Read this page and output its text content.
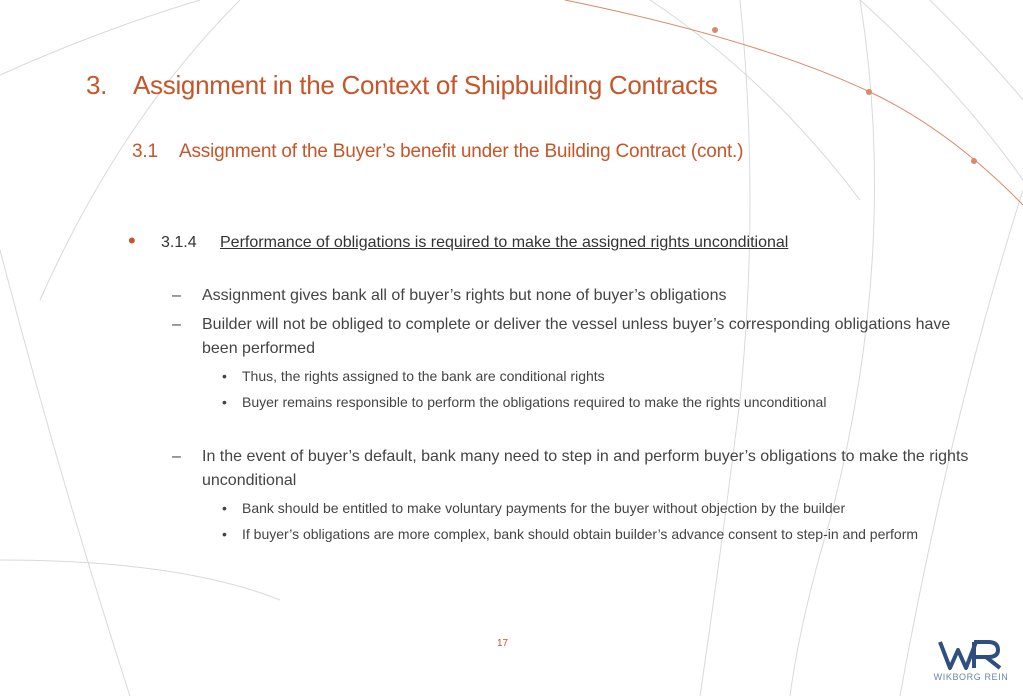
3. Assignment in the Context of Shipbuilding Contracts
3.1 Assignment of the Buyer’s benefit under the Building Contract (cont.)
• 3.1.4 Performance of obligations is required to make the assigned rights unconditional
– Assignment gives bank all of buyer’s rights but none of buyer’s obligations
– Builder will not be obliged to complete or deliver the vessel unless buyer’s corresponding obligations have been performed
• Thus, the rights assigned to the bank are conditional rights
• Buyer remains responsible to perform the obligations required to make the rights unconditional
– In the event of buyer’s default, bank many need to step in and perform buyer’s obligations to make the rights unconditional
• Bank should be entitled to make voluntary payments for the buyer without objection by the builder
• If buyer’s obligations are more complex, bank should obtain builder’s advance consent to step-in and perform
17
WIKBORG REIN
